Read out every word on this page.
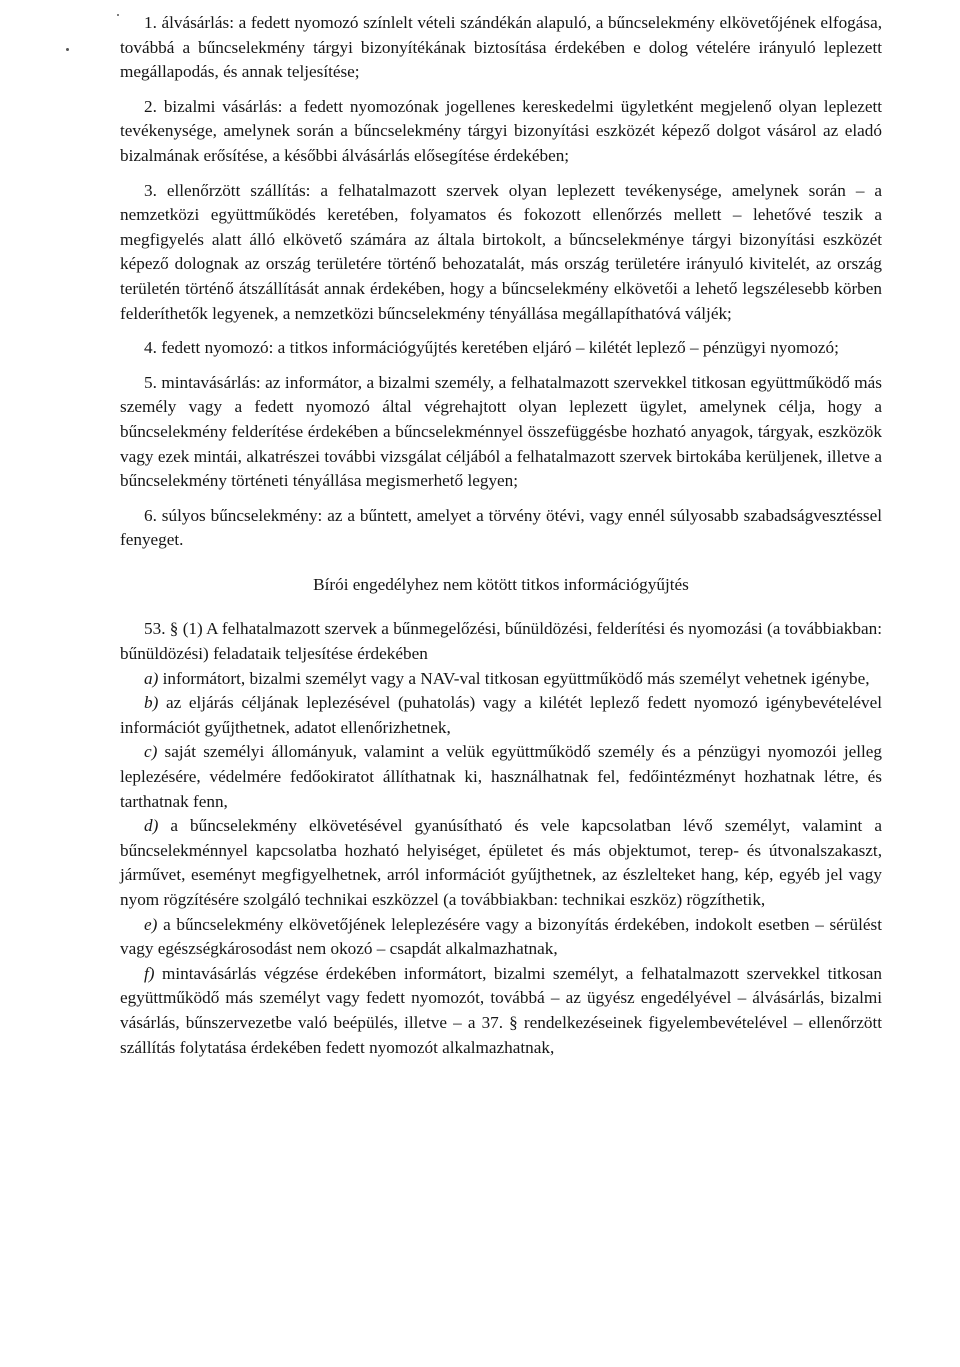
1. álvásárlás: a fedett nyomozó színlelt vételi szándékán alapuló, a bűncselekmény elkövetőjének elfogása, továbbá a bűncselekmény tárgyi bizonyítékának biztosítása érdekében e dolog vételére irányuló leplezett megállapodás, és annak teljesítése;

2. bizalmi vásárlás: a fedett nyomozónak jogellenes kereskedelmi ügyletként megjelenő olyan leplezett tevékenysége, amelynek során a bűncselekmény tárgyi bizonyítási eszközét képező dolgot vásárol az eladó bizalmának erősítése, a későbbi álvásárlás elősegítése érdekében;

3. ellenőrzött szállítás: a felhatalmazott szervek olyan leplezett tevékenysége, amelynek során – a nemzetközi együttműködés keretében, folyamatos és fokozott ellenőrzés mellett – lehetővé teszik a megfigyelés alatt álló elkövető számára az általa birtokolt, a bűncselekménye tárgyi bizonyítási eszközét képező dolognak az ország területére történő behozatalát, más ország területére irányuló kivitelét, az ország területén történő átszállítását annak érdekében, hogy a bűncselekmény elkövetői a lehető legszélesebb körben felderíthetők legyenek, a nemzetközi bűncselekmény tényállása megállapíthatóvá váljék;

4. fedett nyomozó: a titkos információgyűjtés keretében eljáró – kilétét leplező – pénzügyi nyomozó;

5. mintavásárlás: az informátor, a bizalmi személy, a felhatalmazott szervekkel titkosan együttműködő más személy vagy a fedett nyomozó által végrehajtott olyan leplezett ügylet, amelynek célja, hogy a bűncselekmény felderítése érdekében a bűncselekménnyel összefüggésbe hozható anyagok, tárgyak, eszközök vagy ezek mintái, alkatrészei további vizsgálat céljából a felhatalmazott szervek birtokába kerüljenek, illetve a bűncselekmény történeti tényállása megismerhető legyen;

6. súlyos bűncselekmény: az a bűntett, amelyet a törvény ötévi, vagy ennél súlyosabb szabadságvesztéssel fenyeget.

Bírói engedélyhez nem kötött titkos információgyűjtés

53. § (1) A felhatalmazott szervek a bűnmegelőzési, bűnüldözési, felderítési és nyomozási (a továbbiakban: bűnüldözési) feladataik teljesítése érdekében

a) informátort, bizalmi személyt vagy a NAV-val titkosan együttműködő más személyt vehetnek igénybe,

b) az eljárás céljának leplezésével (puhatolás) vagy a kilétét leplező fedett nyomozó igénybevételével információt gyűjthetnek, adatot ellenőrizhetnek,

c) saját személyi állományuk, valamint a velük együttműködő személy és a pénzügyi nyomozói jelleg leplezésére, védelmére fedőokiratot állíthatnak ki, használhatnak fel, fedőintézményt hozhatnak létre, és tarthatnak fenn,

d) a bűncselekmény elkövetésével gyanúsítható és vele kapcsolatban lévő személyt, valamint a bűncselekménnyel kapcsolatba hozható helyiséget, épületet és más objektumot, terep- és útvonalszakaszt, járművet, eseményt megfigyelhetnek, arról információt gyűjthetnek, az észlelteket hang, kép, egyéb jel vagy nyom rögzítésére szolgáló technikai eszközzel (a továbbiakban: technikai eszköz) rögzíthetik,

e) a bűncselekmény elkövetőjének leleplezésére vagy a bizonyítás érdekében, indokolt esetben – sérülést vagy egészségkárosodást nem okozó – csapdát alkalmazhatnak,

f) mintavásárlás végzése érdekében informátort, bizalmi személyt, a felhatalmazott szervekkel titkosan együttműködő más személyt vagy fedett nyomozót, továbbá – az ügyész engedélyével – álvásárlás, bizalmi vásárlás, bűnszervezetbe való beépülés, illetve – a 37. § rendelkezéseinek figyelembevételével – ellenőrzött szállítás folytatása érdekében fedett nyomozót alkalmazhatnak,
